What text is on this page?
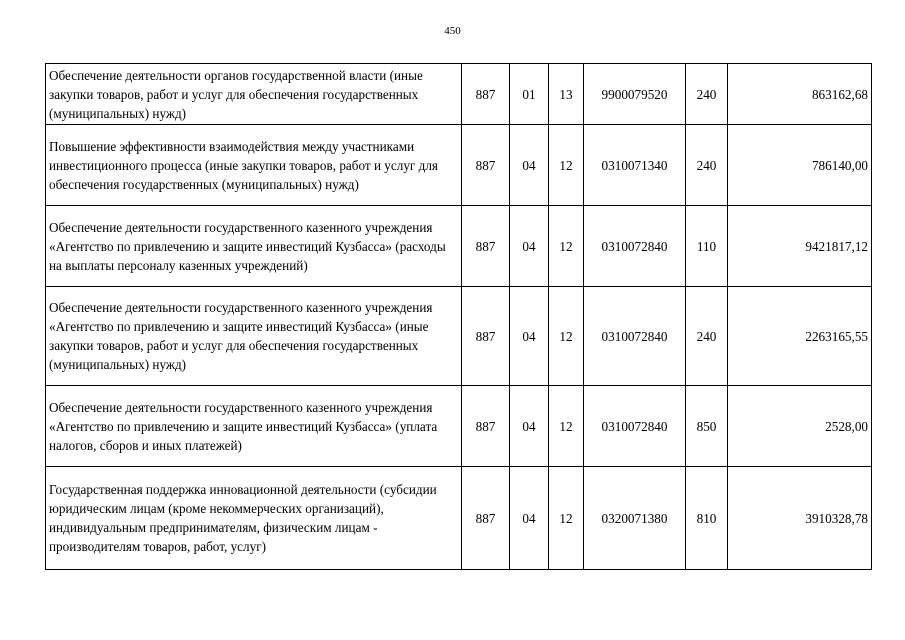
450
Обеспечение деятельности органов государственной власти (иные закупки товаров, работ и услуг для обеспечения государственных (муниципальных) нужд)	887	01	13	9900079520	240	863162,68
Повышение эффективности взаимодействия между участниками инвестиционного процесса (иные закупки товаров, работ и услуг для обеспечения государственных (муниципальных) нужд)	887	04	12	0310071340	240	786140,00
Обеспечение деятельности государственного казенного учреждения «Агентство по привлечению и защите инвестиций Кузбасса» (расходы на выплаты персоналу казенных учреждений)	887	04	12	0310072840	110	9421817,12
Обеспечение деятельности государственного казенного учреждения «Агентство по привлечению и защите инвестиций Кузбасса» (иные закупки товаров, работ и услуг для обеспечения государственных (муниципальных) нужд)	887	04	12	0310072840	240	2263165,55
Обеспечение деятельности государственного казенного учреждения «Агентство по привлечению и защите инвестиций Кузбасса» (уплата налогов, сборов и иных платежей)	887	04	12	0310072840	850	2528,00
Государственная поддержка инновационной деятельности (субсидии юридическим лицам (кроме некоммерческих организаций), индивидуальным предпринимателям, физическим лицам - производителям товаров, работ, услуг)	887	04	12	0320071380	810	3910328,78
